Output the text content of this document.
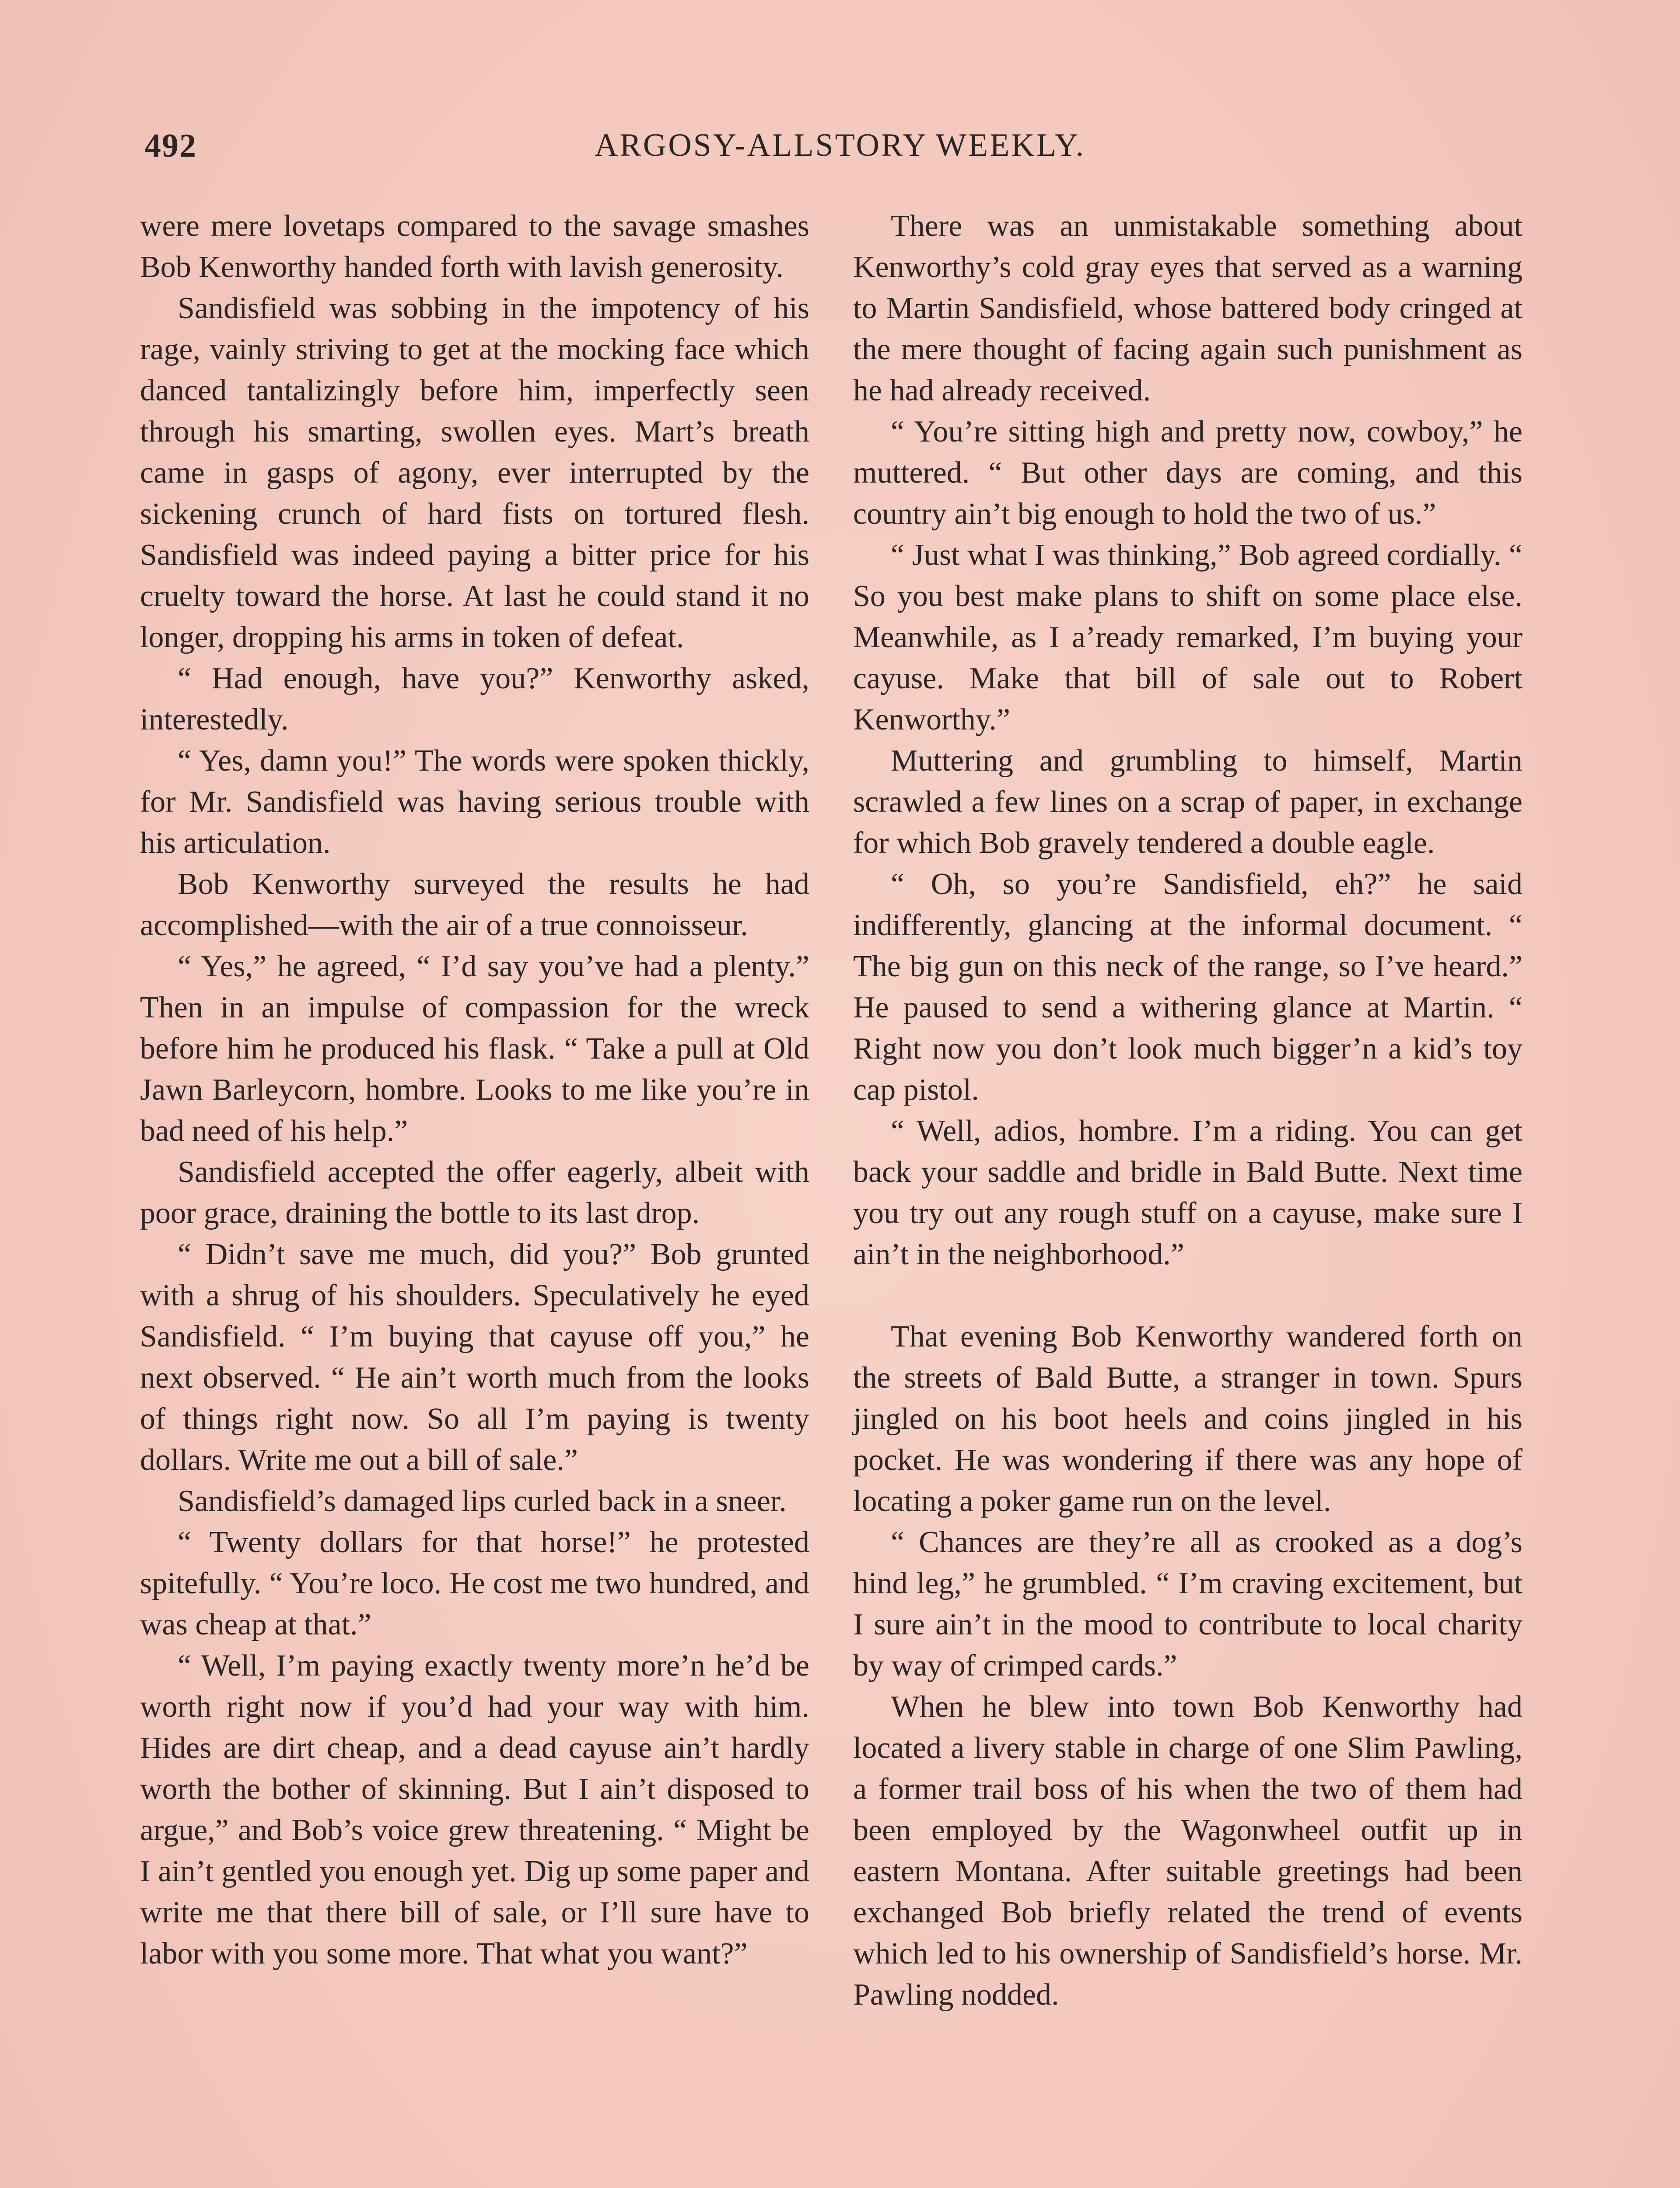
492	ARGOSY-ALLSTORY WEEKLY.

were mere lovetaps compared to the savage smashes Bob Kenworthy handed forth with lavish generosity.

Sandisfield was sobbing in the impotency of his rage, vainly striving to get at the mocking face which danced tantalizingly before him, imperfectly seen through his smarting, swollen eyes. Mart’s breath came in gasps of agony, ever interrupted by the sickening crunch of hard fists on tortured flesh. Sandisfield was indeed paying a bitter price for his cruelty toward the horse. At last he could stand it no longer, dropping his arms in token of defeat.

“ Had enough, have you?” Kenworthy asked, interestedly.

“ Yes, damn you!” The words were spoken thickly, for Mr. Sandisfield was having serious trouble with his articulation.

Bob Kenworthy surveyed the results he had accomplished—with the air of a true connoisseur.

“ Yes,” he agreed, “ I’d say you’ve had a plenty.” Then in an impulse of compassion for the wreck before him he produced his flask. “ Take a pull at Old Jawn Barleycorn, hombre. Looks to me like you’re in bad need of his help.”

Sandisfield accepted the offer eagerly, albeit with poor grace, draining the bottle to its last drop.

“ Didn’t save me much, did you?” Bob grunted with a shrug of his shoulders. Speculatively he eyed Sandisfield. “ I’m buying that cayuse off you,” he next observed. “ He ain’t worth much from the looks of things right now. So all I’m paying is twenty dollars. Write me out a bill of sale.”

Sandisfield’s damaged lips curled back in a sneer.

“ Twenty dollars for that horse!” he protested spitefully. “ You’re loco. He cost me two hundred, and was cheap at that.”

“ Well, I’m paying exactly twenty more’n he’d be worth right now if you’d had your way with him. Hides are dirt cheap, and a dead cayuse ain’t hardly worth the bother of skinning. But I ain’t disposed to argue,” and Bob’s voice grew threatening. “ Might be I ain’t gentled you enough yet. Dig up some paper and write me that there bill of sale, or I’ll sure have to labor with you some more. That what you want?”

There was an unmistakable something about Kenworthy’s cold gray eyes that served as a warning to Martin Sandisfield, whose battered body cringed at the mere thought of facing again such punishment as he had already received.

“ You’re sitting high and pretty now, cowboy,” he muttered. “ But other days are coming, and this country ain’t big enough to hold the two of us.”

“ Just what I was thinking,” Bob agreed cordially. “ So you best make plans to shift on some place else. Meanwhile, as I a’ready remarked, I’m buying your cayuse. Make that bill of sale out to Robert Kenworthy.”

Muttering and grumbling to himself, Martin scrawled a few lines on a scrap of paper, in exchange for which Bob gravely tendered a double eagle.

“ Oh, so you’re Sandisfield, eh?” he said indifferently, glancing at the informal document. “ The big gun on this neck of the range, so I’ve heard.” He paused to send a withering glance at Martin. “ Right now you don’t look much bigger’n a kid’s toy cap pistol.

“ Well, adios, hombre. I’m a riding. You can get back your saddle and bridle in Bald Butte. Next time you try out any rough stuff on a cayuse, make sure I ain’t in the neighborhood.”

That evening Bob Kenworthy wandered forth on the streets of Bald Butte, a stranger in town. Spurs jingled on his boot heels and coins jingled in his pocket. He was wondering if there was any hope of locating a poker game run on the level.

“ Chances are they’re all as crooked as a dog’s hind leg,” he grumbled. “ I’m craving excitement, but I sure ain’t in the mood to contribute to local charity by way of crimped cards.”

When he blew into town Bob Kenworthy had located a livery stable in charge of one Slim Pawling, a former trail boss of his when the two of them had been employed by the Wagonwheel outfit up in eastern Montana. After suitable greetings had been exchanged Bob briefly related the trend of events which led to his ownership of Sandisfield’s horse. Mr. Pawling nodded.
